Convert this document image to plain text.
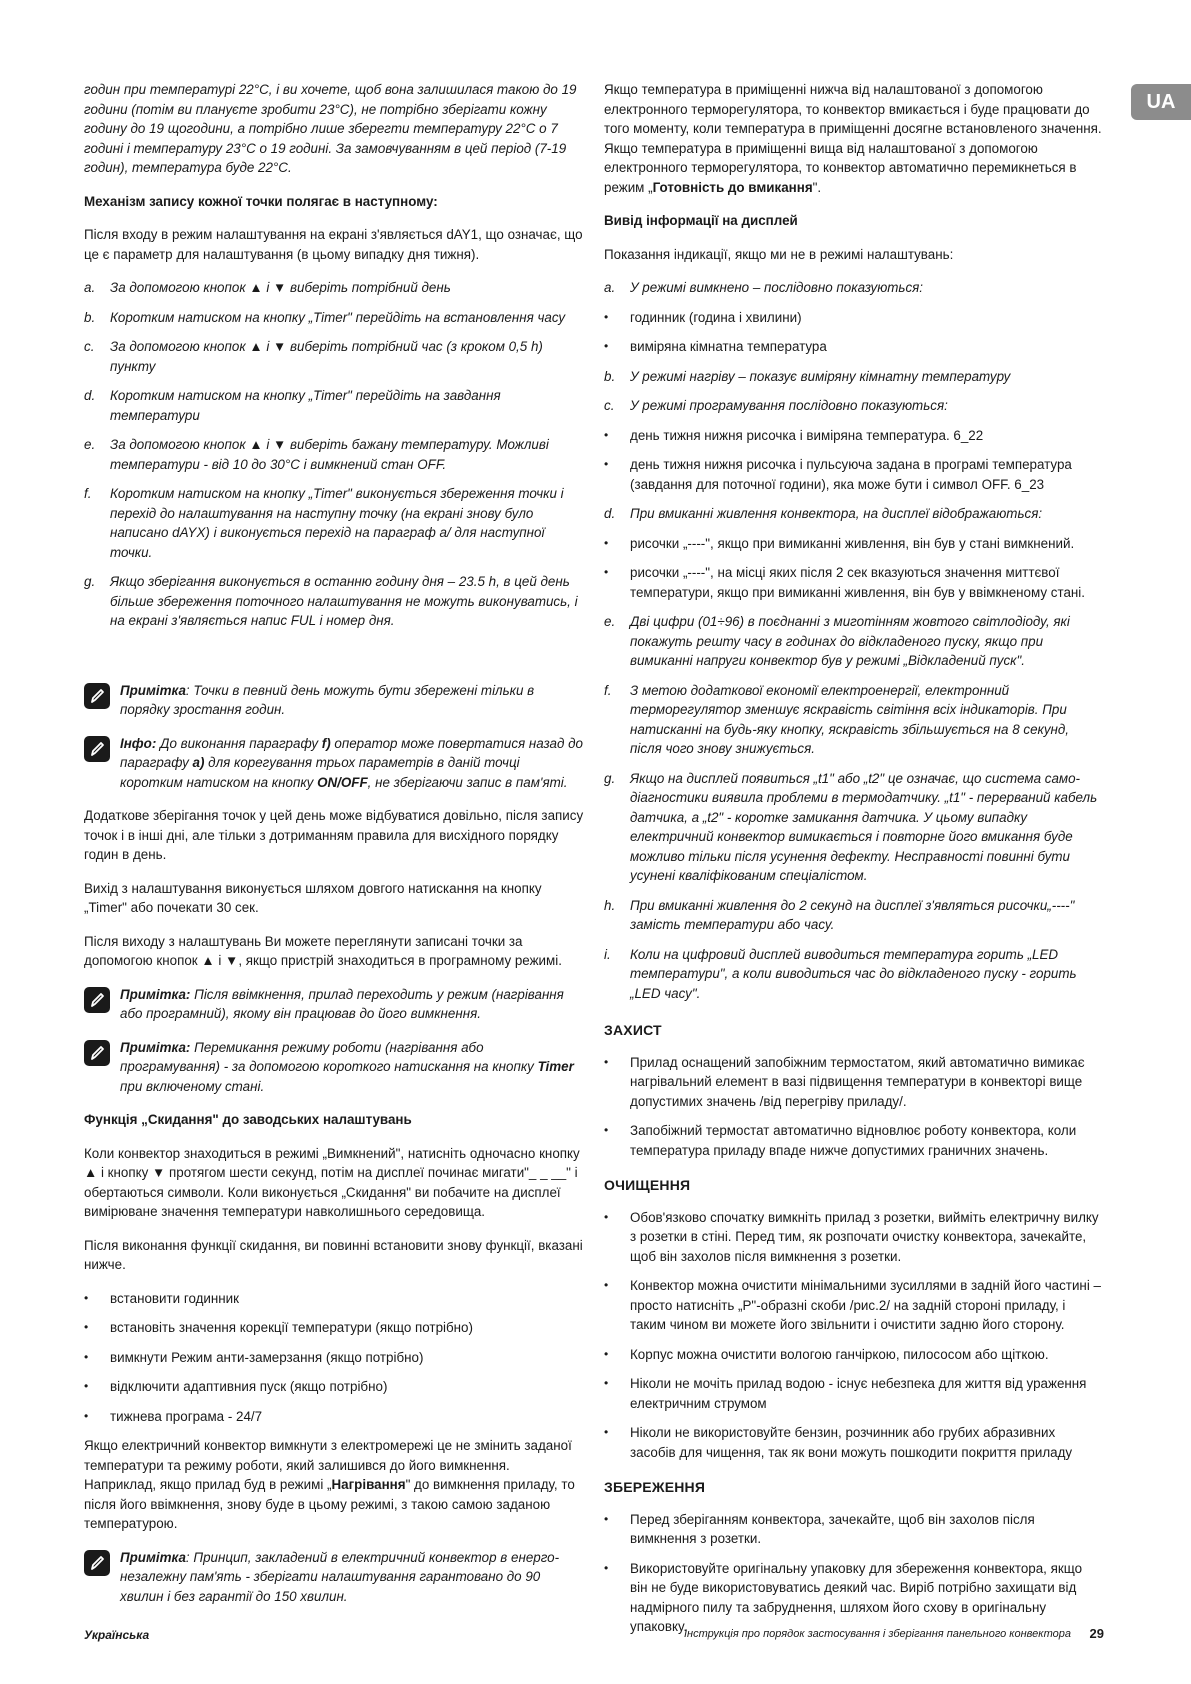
UA

годин при температурі 22°С, і ви хочете, щоб вона залишилася такою до 19 години (потім ви плануєте зробити 23°С), не потрібно зберігати кожну годину до 19 щогодини, а потрібно лише зберегти температуру 22°С о 7 годині і температуру 23°С о 19 годині. За замовчуванням в цей період (7-19 годин), температура буде 22°С.

Механізм запису кожної точки полягає в наступному:

Після входу в режим налаштування на екрані з'являється dAY1, що означає, що це є параметр для налаштування (в цьому випадку дня тижня).

a. За допомогою кнопок ▲ і ▼ виберіть потрібний день
b. Коротким натиском на кнопку „Timer" перейдіть на встановлення часу
c. За допомогою кнопок ▲ і ▼ виберіть потрібний час (з кроком 0,5 h) пункту
d. Коротким натиском на кнопку „Timer" перейдіть на завдання температури
e. За допомогою кнопок ▲ і ▼ виберіть бажану температуру. Можливі температури - від 10 до 30°С і вимкнений стан OFF.
f. Коротким натиском на кнопку „Timer" виконується збереження точки і перехід до налаштування на наступну точку (на екрані знову було написано dAYX) і виконується перехід на параграф а/ для наступної точки.
g. Якщо зберігання виконується в останню годину дня – 23.5 h, в цей день більше збереження поточного налаштування не можуть виконуватись, і на екрані з'являється напис FUL і номер дня.
Примітка: Точки в певний день можуть бути збережені тільки в порядку зростання годин.
Інфо: До виконання параграфу f) оператор може повертатися назад до параграфу а) для корегування трьох параметрів в даній точці коротким натиском на кнопку ON/OFF, не зберігаючи запис в пам'яті.

Додаткове зберігання точок у цей день може відбуватися довільно, після запису точок і в інші дні, але тільки з дотриманням правила для висхідного порядку годин в день.

Вихід з налаштування виконується шляхом довгого натискання на кнопку „Timer" або почекати 30 сек.

Після виходу з налаштувань Ви можете переглянути записані точки за допомогою кнопок ▲ і ▼, якщо пристрій знаходиться в програмному режимі.

Примітка: Після ввімкнення, прилад переходить у режим (нагрівання або програмний), якому він працював до його вимкнення.
Примітка: Перемикання режиму роботи (нагрівання або програмування) - за допомогою короткого натискання на кнопку Timer при включеному стані.

Функція „Скидання" до заводських налаштувань

Коли конвектор знаходиться в режимі „Вимкнений", натисніть одночасно кнопку ▲ і кнопку ▼ протягом шести секунд, потім на дисплеї починає мигати"_ _ __" і обертаються символи. Коли виконується „Скидання" ви побачите на дисплеї вимірюване значення температури навколишнього середовища.

Після виконання функції скидання, ви повинні встановити знову функції, вказані нижче.

• встановити годинник
• встановіть значення корекції температури (якщо потрібно)
• вимкнути Режим анти-замерзання (якщо потрібно)
• відключити адаптивния пуск (якщо потрібно)
• тижнева програма - 24/7

Якщо електричний конвектор вимкнути з електромережі це не змінить заданої температури та режиму роботи, який залишився до його вимкнення. Наприклад, якщо прилад буд в режимі „Нагрівання" до вимкнення приладу, то після його ввімкнення, знову буде в цьому режимі, з такою самою заданою температурою.

Примітка: Принцип, закладений в електричний конвектор в енерго-незалежну пам'ять - зберігати налаштування гарантовано до 90 хвилин і без гарантії до 150 хвилин.

Якщо температура в приміщенні нижча від налаштованої з допомогою електронного терморегулятора, то конвектор вмикається і буде працювати до того моменту, коли температура в приміщенні досягне встановленого значення. Якщо температура в приміщенні вища від налаштованої з допомогою електронного терморегулятора, то конвектор автоматично перемикнеться в режим „Готовність до вмикання".

Вивід інформації на дисплей

Показання індикації, якщо ми не в режимі налаштувань:

a. У режимі вимкнено – послідовно показуються:
• годинник (година і хвилини)
• виміряна кімнатна температура
b. У режимі нагріву – показує виміряну кімнатну температуру
c. У режимі програмування послідовно показуються:
• день тижня нижня рисочка і виміряна температура. 6_22
• день тижня нижня рисочка і пульсуюча задана в програмі температура (завдання для поточної години), яка може бути і символ OFF. 6_23
d. При вмиканні живлення конвектора, на дисплеї відображаються:
• рисочки „----", якщо при вимиканні живлення, він був у стані вимкнений.
• рисочки „----", на місці яких після 2 сек вказуються значення миттєвої температури, якщо при вимиканні живлення, він був у ввімкненому стані.
e. Дві цифри (01÷96) в поєднанні з миготінням жовтого світлодіоду, які покажуть решту часу в годинах до відкладеного пуску, якщо при вимиканні напруги конвектор був у режимі „Відкладений пуск".
f. З метою додаткової економії електроенергії, електронний терморегулятор зменшує яскравість світіння всіх індикаторів. При натисканні на будь-яку кнопку, яскравість збільшується на 8 секунд, після чого знову знижується.
g. Якщо на дисплей появиться „t1" або „t2" це означає, що система само-діагностики виявила проблеми в термодатчику. „t1" - перерваний кабель датчика, а „t2" - коротке замикання датчика. У цьому випадку електричний конвектор вимикається і повторне його вмикання буде можливо тільки після усунення дефекту. Несправності повинні бути усунені кваліфікованим спеціалістом.
h. При вмиканні живлення до 2 секунд на дисплеї з'являться рисочки„----" замість температури або часу.
i. Коли на цифровий дисплей виводиться температура горить „LED температури", а коли виводиться час до відкладеного пуску - горить „LED часу".

ЗАХИСТ

• Прилад оснащений запобіжним термостатом, який автоматично вимикає нагрівальний елемент в вазі підвищення температури в конвекторі вище допустимих значень /від перегріву приладу/.
• Запобіжний термостат автоматично відновлює роботу конвектора, коли температура приладу впаде нижче допустимих граничних значень.

ОЧИЩЕННЯ

• Обов'язково спочатку вимкніть прилад з розетки, вийміть електричну вилку з розетки в стіні. Перед тим, як розпочати очистку конвектора, зачекайте, щоб він захолов після вимкнення з розетки.
• Конвектор можна очистити мінімальними зусиллями в задній його частині – просто натисніть „Р"-образні скоби /рис.2/ на задній стороні приладу, і таким чином ви можете його звільнити і очистити задню його сторону.
• Корпус можна очистити вологою ганчіркою, пилососом або щіткою.
• Ніколи не мочіть прилад водою - існує небезпека для життя від ураження електричним струмом
• Ніколи не використовуйте бензин, розчинник або грубих абразивних засобів для чищення, так як вони можуть пошкодити покриття приладу

ЗБЕРЕЖЕННЯ

• Перед зберіганням конвектора, зачекайте, щоб він захолов після вимкнення з розетки.
• Використовуйте оригінальну упаковку для збереження конвектора, якщо він не буде використовуватись деякий час. Виріб потрібно захищати від надмірного пилу та забруднення, шляхом його схову в оригінальну упаковку.
Українська	Інструкція про порядок застосування і зберігання панельного конвектора 29
